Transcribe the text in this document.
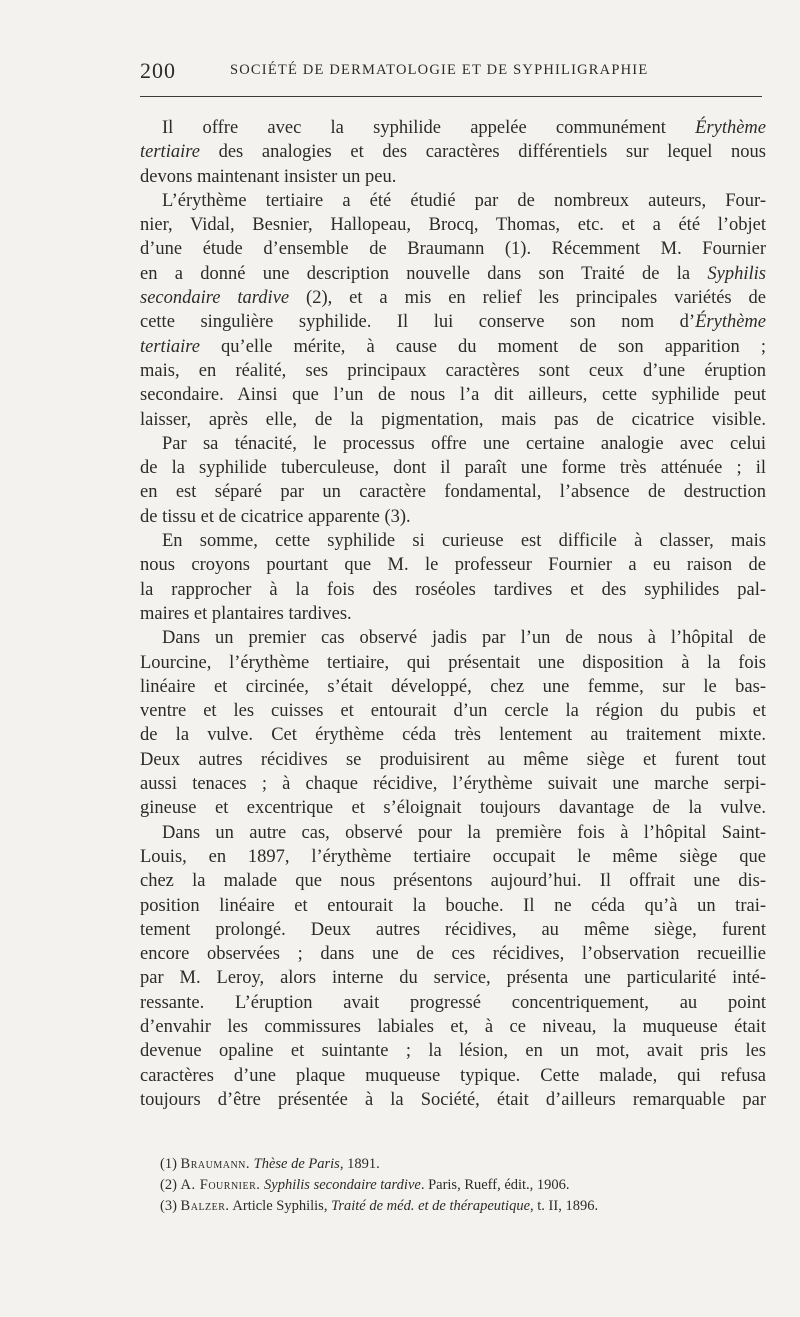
200	SOCIÉTÉ DE DERMATOLOGIE ET DE SYPHILIGRAPHIE
Il offre avec la syphilide appelée communément Érythème
tertiaire des analogies et des caractères différentiels sur lequel nous
devons maintenant insister un peu.
L’érythème tertiaire a été étudié par de nombreux auteurs, Four-
nier, Vidal, Besnier, Hallopeau, Brocq, Thomas, etc. et a été l’objet
d’une étude d’ensemble de Braumann (1). Récemment M. Fournier
en a donné une description nouvelle dans son Traité de la Syphilis
secondaire tardive (2), et a mis en relief les principales variétés de
cette singulière syphilide. Il lui conserve son nom d’Érythème
tertiaire qu’elle mérite, à cause du moment de son apparition ;
mais, en réalité, ses principaux caractères sont ceux d’une éruption
secondaire. Ainsi que l’un de nous l’a dit ailleurs, cette syphilide peut
laisser, après elle, de la pigmentation, mais pas de cicatrice visible.
Par sa ténacité, le processus offre une certaine analogie avec celui
de la syphilide tuberculeuse, dont il paraît une forme très atténuée ; il
en est séparé par un caractère fondamental, l’absence de destruction
de tissu et de cicatrice apparente (3).
En somme, cette syphilide si curieuse est difficile à classer, mais
nous croyons pourtant que M. le professeur Fournier a eu raison de
la rapprocher à la fois des roséoles tardives et des syphilides pal-
maires et plantaires tardives.
Dans un premier cas observé jadis par l’un de nous à l’hôpital de
Lourcine, l’érythème tertiaire, qui présentait une disposition à la fois
linéaire et circinée, s’était développé, chez une femme, sur le bas-
ventre et les cuisses et entourait d’un cercle la région du pubis et
de la vulve. Cet érythème céda très lentement au traitement mixte.
Deux autres récidives se produisirent au même siège et furent tout
aussi tenaces ; à chaque récidive, l’érythème suivait une marche serpi-
gineuse et excentrique et s’éloignait toujours davantage de la vulve.
Dans un autre cas, observé pour la première fois à l’hôpital Saint-
Louis, en 1897, l’érythème tertiaire occupait le même siège que
chez la malade que nous présentons aujourd’hui. Il offrait une dis-
position linéaire et entourait la bouche. Il ne céda qu’à un trai-
tement prolongé. Deux autres récidives, au même siège, furent
encore observées ; dans une de ces récidives, l’observation recueillie
par M. Leroy, alors interne du service, présenta une particularité inté-
ressante. L’éruption avait progressé concentriquement, au point
d’envahir les commissures labiales et, à ce niveau, la muqueuse était
devenue opaline et suintante ; la lésion, en un mot, avait pris les
caractères d’une plaque muqueuse typique. Cette malade, qui refusa
toujours d’être présentée à la Société, était d’ailleurs remarquable par
(1) Braumann. Thèse de Paris, 1891.
(2) A. Fournier. Syphilis secondaire tardive. Paris, Rueff, édit., 1906.
(3) Balzer. Article Syphilis, Traité de méd. et de thérapeutique, t. II, 1896.
